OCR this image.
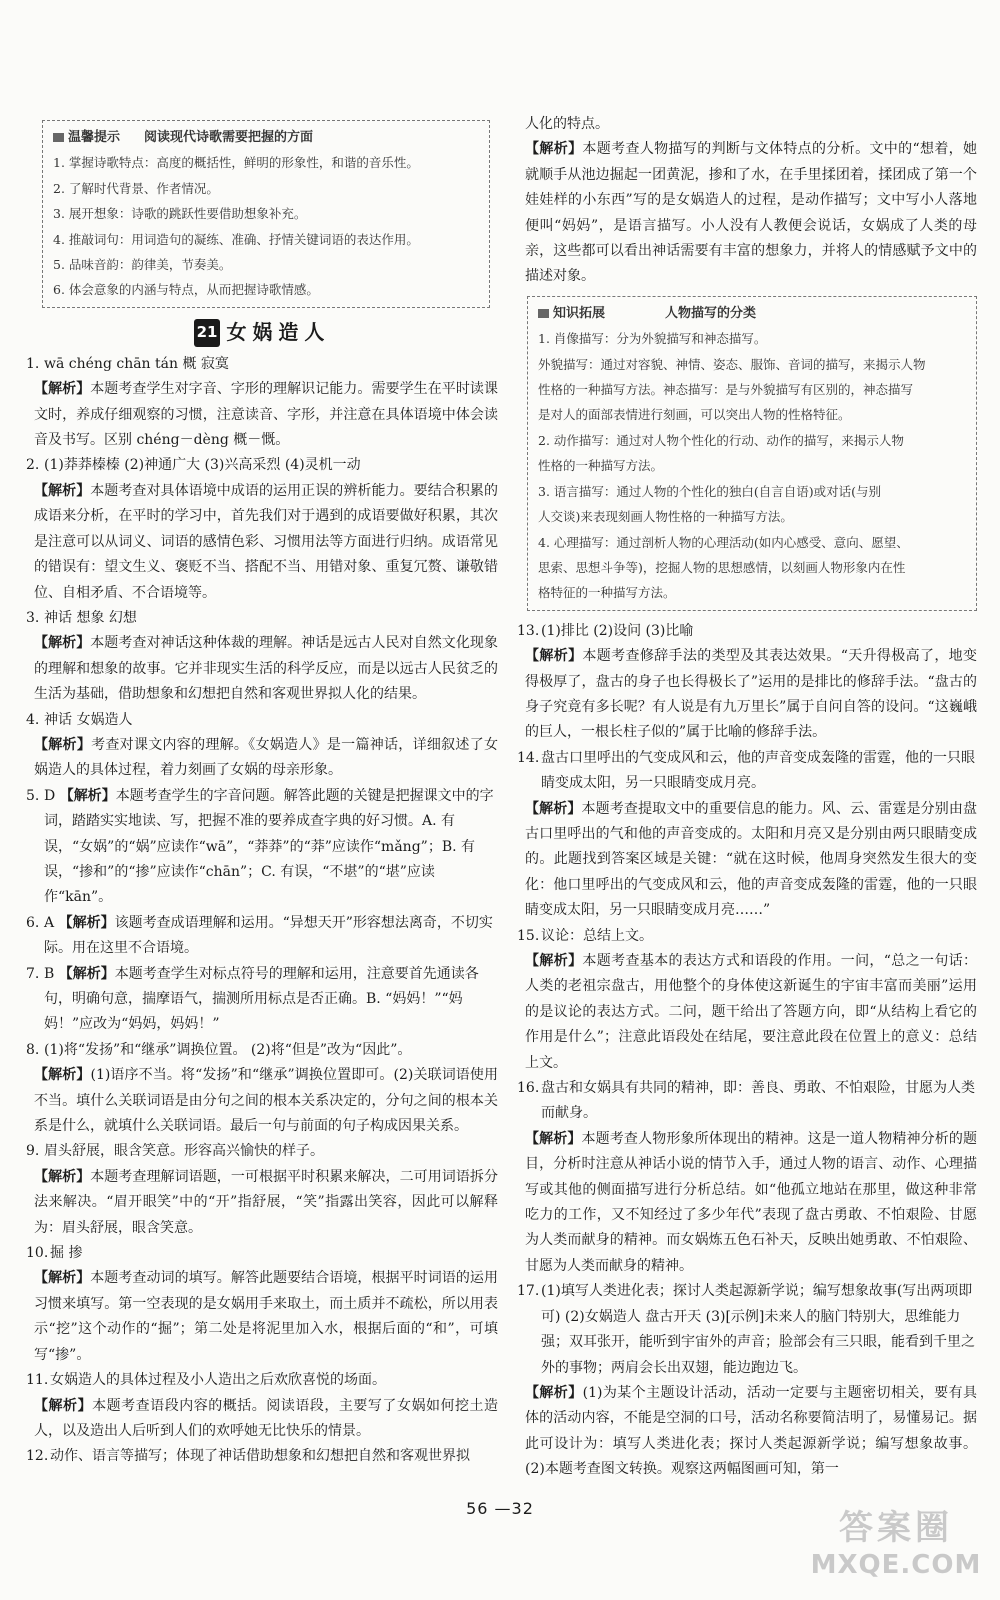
温馨提示 阅读现代诗歌需要把握的方面
1. 掌握诗歌特点：高度的概括性，鲜明的形象性，和谐的音乐性。
2. 了解时代背景、作者情况。
3. 展开想象：诗歌的跳跃性要借助想象补充。
4. 推敲词句：用词造句的凝练、准确、抒情关键词语的表达作用。
5. 品味音韵：韵律美，节奏美。
6. 体会意象的内涵与特点，从而把握诗歌情感。
21 女娲造人
1. wā chéng chān tán 概 寂寞
【 解析 】 本题考查学生对字音、字形的理解识记能力。需要学生在平时读课文时，养成仔细观察的习惯，注意读音、字形，并注意在具体语境中体会读音及书写。区别 chéng－dèng 概－慨。
2. (1)莽莽榛榛 (2)神通广大 (3)兴高采烈 (4)灵机一动
【 解析 】 本题考查对具体语境中成语的运用正误的辨析能力。要结合积累的成语来分析，在平时的学习中，首先我们对于遇到的成语要做好积累，其次是注意可以从词义、词语的感情色彩、习惯用法等方面进行归纳。成语常见的错误有：望文生义、褒贬不当、搭配不当、用错对象、重复冗赘、谦敬错位、自相矛盾、不合语境等。
3. 神话 想象 幻想
【 解析 】 本题考查对神话这种体裁的理解。神话是远古人民对自然文化现象的理解和想象的故事。它并非现实生活的科学反应，而是以远古人民贫乏的生活为基础，借助想象和幻想把自然和客观世界拟人化的结果。
4. 神话 女娲造人
【 解析 】 考查对课文内容的理解。《女娲造人》是一篇神话，详细叙述了女娲造人的具体过程，着力刻画了女娲的母亲形象。
5. D 【 解析 】 本题考查学生的字音问题。解答此题的关键是把握课文中的字词，踏踏实实地读、写，把握不准的要养成查字典的好习惯。A. 有误，“女娲”的“娲”应读作“wā”，“莽莽”的“莽”应读作“mǎng”；B. 有误，“掺和”的“掺”应读作“chān”；C. 有误，“不堪”的“堪”应读作“kān”。
6. A 【 解析 】 该题考查成语理解和运用。“异想天开”形容想法离奇，不切实际。用在这里不合语境。
7. B 【 解析 】 本题考查学生对标点符号的理解和运用，注意要首先通读各句，明确句意，揣摩语气，揣测所用标点是否正确。B. “妈妈！”“妈妈！”应改为“妈妈，妈妈！”
8. (1)将“发扬”和“继承”调换位置。 (2)将“但是”改为“因此”。
【 解析 】 (1)语序不当。将“发扬”和“继承”调换位置即可。(2)关联词语使用不当。填什么关联词语是由分句之间的根本关系决定的，分句之间的根本关系是什么，就填什么关联词语。最后一句与前面的句子构成因果关系。
9. 眉头舒展，眼含笑意。形容高兴愉快的样子。
【 解析 】 本题考查理解词语题，一可根据平时积累来解决，二可用词语拆分法来解决。“眉开眼笑”中的“开”指舒展，“笑”指露出笑容，因此可以解释为：眉头舒展，眼含笑意。
10. 掘 掺
【 解析 】 本题考查动词的填写。解答此题要结合语境，根据平时词语的运用习惯来填写。第一空表现的是女娲用手来取土，而土质并不疏松，所以用表示“挖”这个动作的“掘”；第二处是将泥里加入水，根据后面的“和”，可填写“掺”。
11. 女娲造人的具体过程及小人造出之后欢欣喜悦的场面。
【 解析 】 本题考查语段内容的概括。阅读语段，主要写了女娲如何挖土造人，以及造出人后听到人们的欢呼她无比快乐的情景。
12. 动作、语言等描写；体现了神话借助想象和幻想把自然和客观世界拟
人化的特点。
【 解析 】 本题考查人物描写的判断与文体特点的分析。文中的“想着，她就顺手从池边掘起一团黄泥，掺和了水，在手里揉团着，揉团成了第一个娃娃样的小东西”写的是女娲造人的过程，是动作描写；文中写小人落地便叫“妈妈”，是语言描写。小人没有人教便会说话，女娲成了人类的母亲，这些都可以看出神话需要有丰富的想象力，并将人的情感赋予文中的描述对象。
知识拓展	人物描写的分类
1. 肖像描写：分为外貌描写和神态描写。
外貌描写：通过对容貌、神情、姿态、服饰、音词的描写，来揭示人物
性格的一种描写方法。神态描写：是与外貌描写有区别的，神态描写
是对人的面部表情进行刻画，可以突出人物的性格特征。
2. 动作描写：通过对人物个性化的行动、动作的描写，来揭示人物
性格的一种描写方法。
3. 语言描写：通过人物的个性化的独白(自言自语)或对话(与别
人交谈)来表现刻画人物性格的一种描写方法。
4. 心理描写：通过剖析人物的心理活动(如内心感受、意向、愿望、
思索、思想斗争等)，挖掘人物的思想感情，以刻画人物形象内在性
格特征的一种描写方法。
13. (1)排比 (2)设问 (3)比喻
【 解析 】 本题考查修辞手法的类型及其表达效果。“天升得极高了，地变得极厚了，盘古的身子也长得极长了”运用的是排比的修辞手法。“盘古的身子究竟有多长呢？有人说是有九万里长”属于自问自答的设问。“这巍峨的巨人，一根长柱子似的”属于比喻的修辞手法。
14. 盘古口里呼出的气变成风和云，他的声音变成轰隆的雷霆，他的一只眼睛变成太阳，另一只眼睛变成月亮。
【 解析 】 本题考查提取文中的重要信息的能力。风、云、雷霆是分别由盘古口里呼出的气和他的声音变成的。太阳和月亮又是分别由两只眼睛变成的。此题找到答案区域是关键：“就在这时候，他周身突然发生很大的变化：他口里呼出的气变成风和云，他的声音变成轰隆的雷霆，他的一只眼睛变成太阳，另一只眼睛变成月亮……”
15. 议论：总结上文。
【 解析 】 本题考查基本的表达方式和语段的作用。一问，“总之一句话：人类的老祖宗盘古，用他整个的身体使这新诞生的宇宙丰富而美丽”运用的是议论的表达方式。二问，题干给出了答题方向，即“从结构上看它的作用是什么”；注意此语段处在结尾，要注意此段在位置上的意义：总结上文。
16. 盘古和女娲具有共同的精神，即：善良、勇敢、不怕艰险，甘愿为人类而献身。
【 解析 】 本题考查人物形象所体现出的精神。这是一道人物精神分析的题目，分析时注意从神话小说的情节入手，通过人物的语言、动作、心理描写或其他的侧面描写进行分析总结。如“他孤立地站在那里，做这种非常吃力的工作，又不知经过了多少年代”表现了盘古勇敢、不怕艰险、甘愿为人类而献身的精神。而女娲炼五色石补天，反映出她勇敢、不怕艰险、甘愿为人类而献身的精神。
17. (1)填写人类进化表；探讨人类起源新学说；编写想象故事(写出两项即可) (2)女娲造人 盘古开天 (3)[示例]未来人的脑门特别大，思维能力强；双耳张开，能听到宇宙外的声音；脸部会有三只眼，能看到千里之外的事物；两肩会长出双翅，能边跑边飞。
【 解析 】 (1)为某个主题设计活动，活动一定要与主题密切相关，要有具体的活动内容，不能是空洞的口号，活动名称要简洁明了，易懂易记。据此可设计为：填写人类进化表；探讨人类起源新学说；编写想象故事。(2)本题考查图文转换。观察这两幅图画可知，第一
56 —32	答案圈
MXQE.COM
